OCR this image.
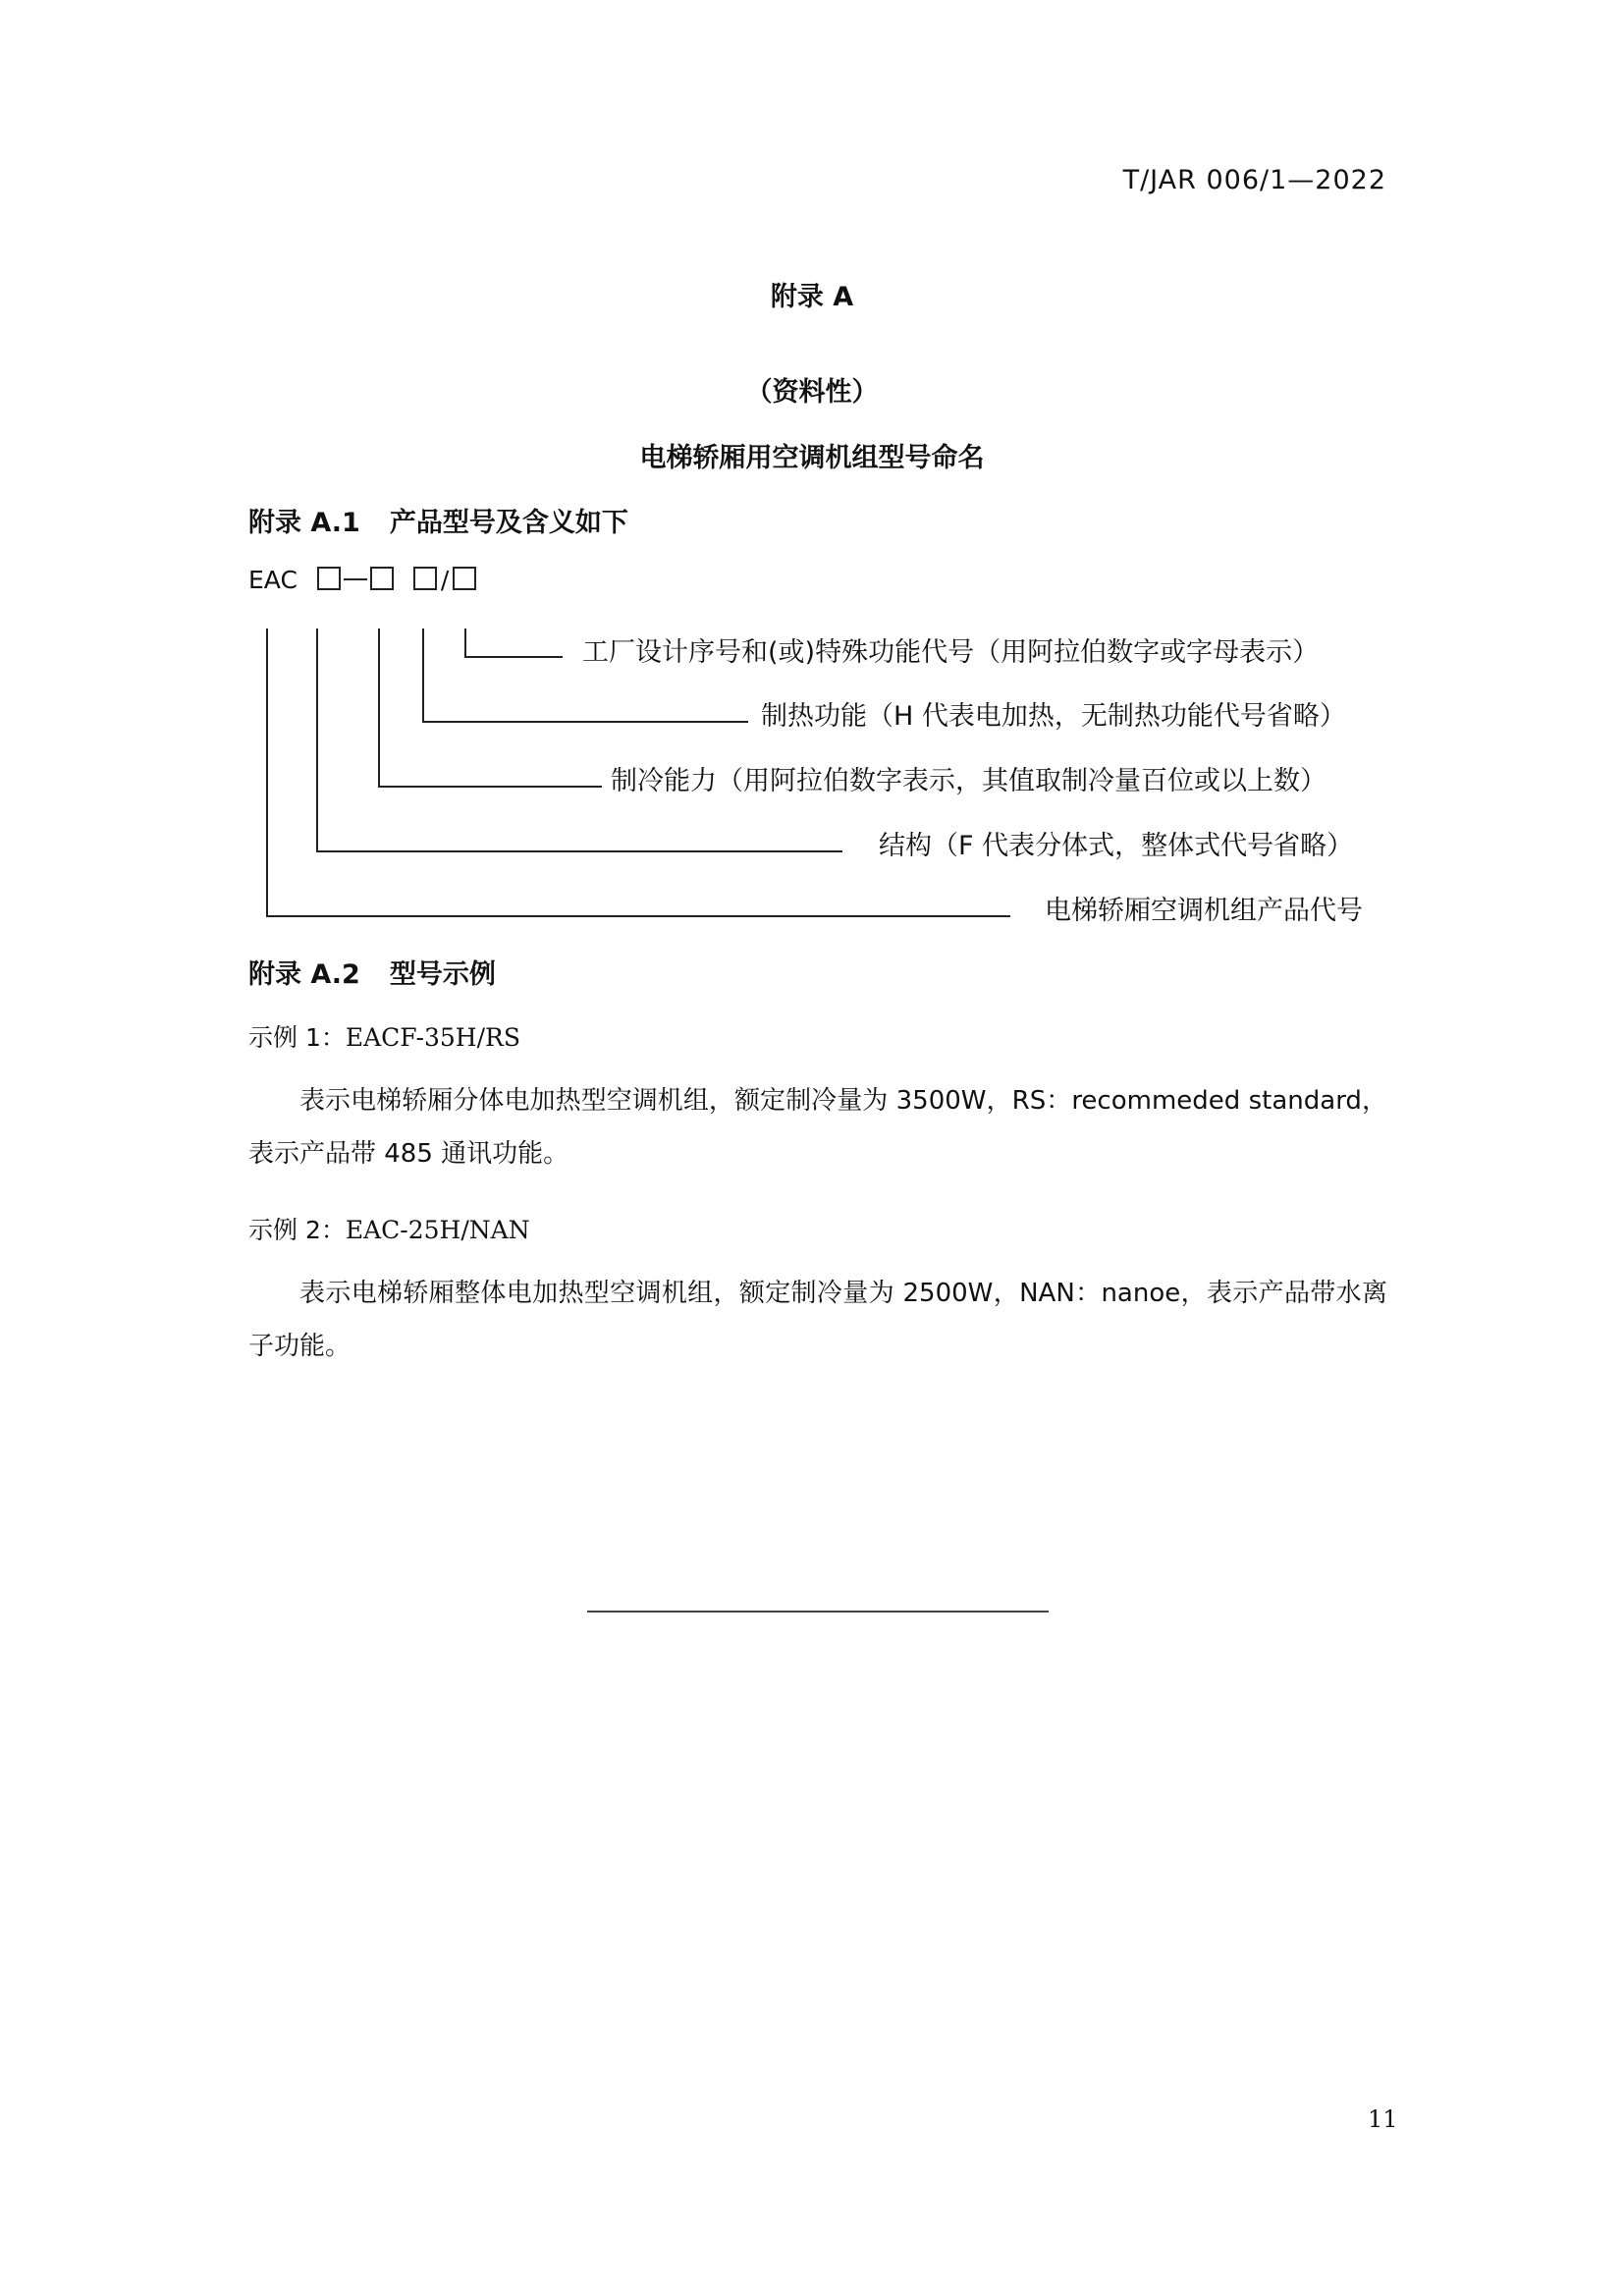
T/JAR 006/1—2022
附录 A
（资料性）
电梯轿厢用空调机组型号命名
附录 A.1 产品型号及含义如下
EAC	/
工厂设计序号和(或)特殊功能代号（用阿拉伯数字或字母表示）
制热功能（H 代表电加热，无制热功能代号省略）
制冷能力（用阿拉伯数字表示，其值取制冷量百位或以上数）
结构（F 代表分体式，整体式代号省略）
电梯轿厢空调机组产品代号
附录 A.2 型号示例
示例 1：EACF-35H/RS
表示电梯轿厢分体电加热型空调机组，额定制冷量为 3500W，RS：recommeded standard，表示产品带 485 通讯功能。
示例 2：EAC-25H/NAN
表示电梯轿厢整体电加热型空调机组，额定制冷量为 2500W，NAN：nanoe，表示产品带水离子功能。
11
